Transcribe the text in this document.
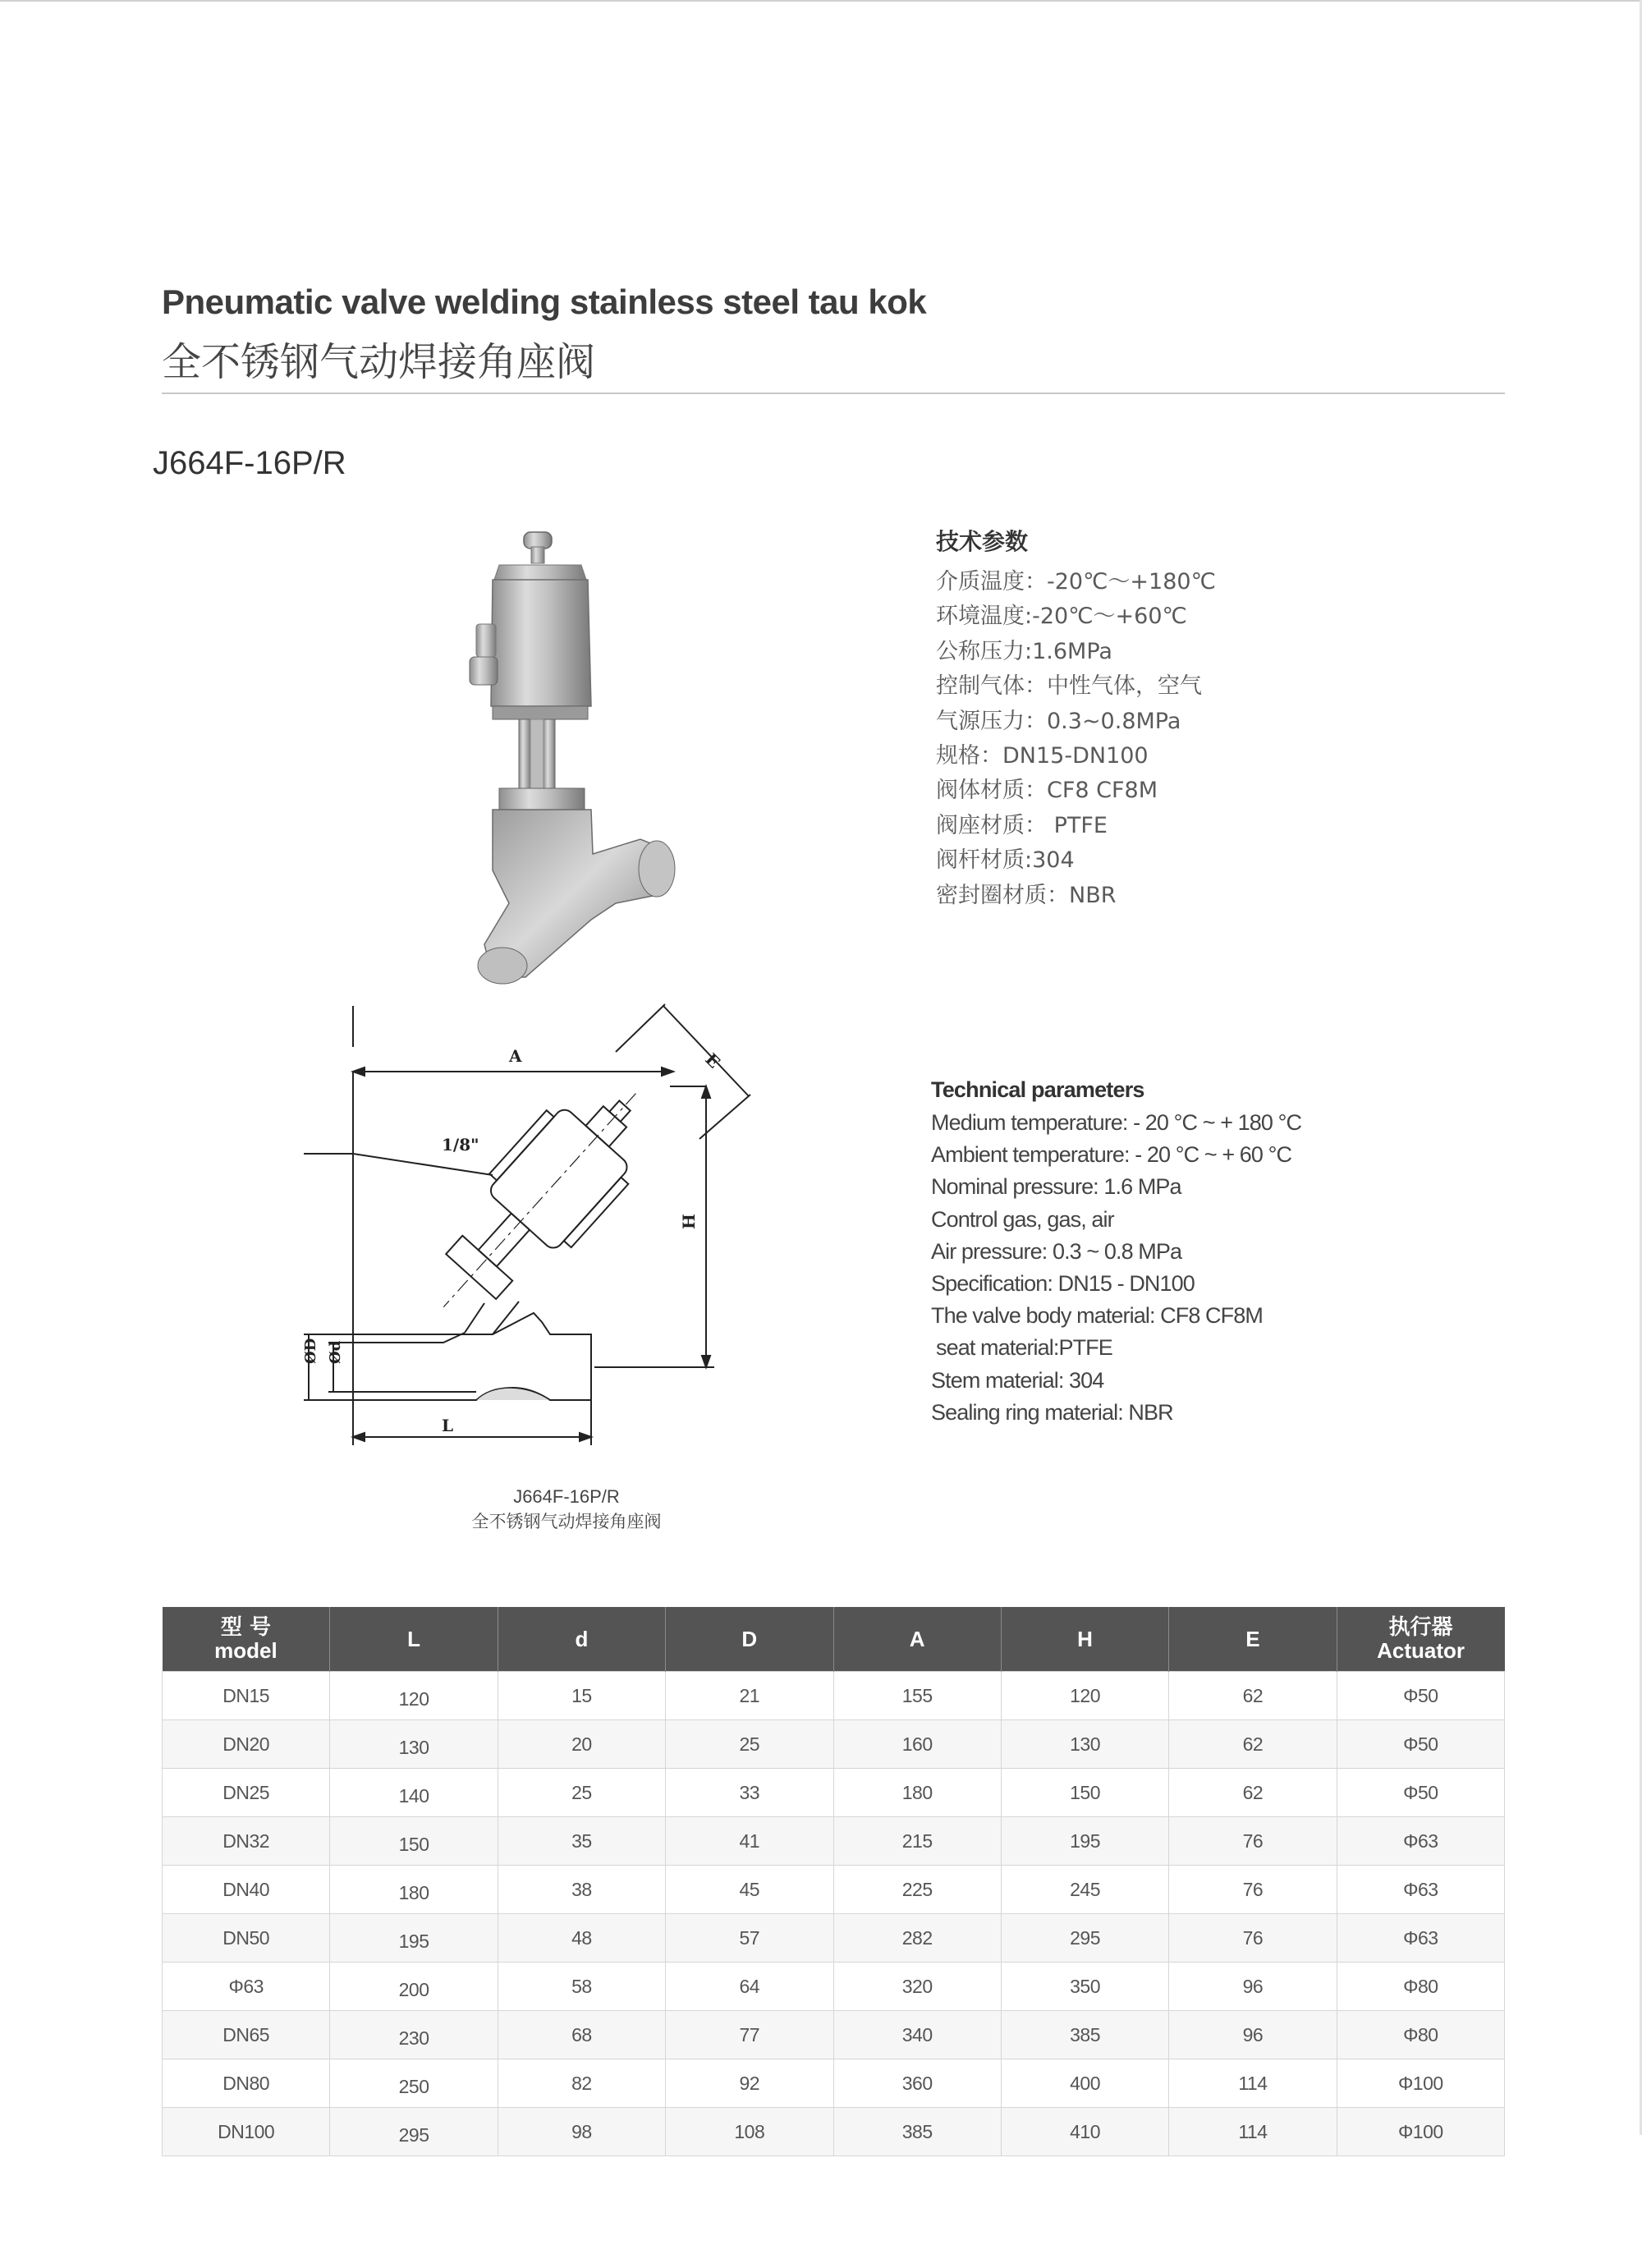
Pneumatic valve welding stainless steel tau kok
全不锈钢气动焊接角座阀
J664F-16P/R
A	E
H
L
ØD Ød
1/8"
技术参数
介质温度：-20℃～+180℃
环境温度:-20℃～+60℃
公称压力:1.6MPa
控制气体：中性气体，空气
气源压力：0.3~0.8MPa
规格：DN15-DN100
阀体材质：CF8 CF8M
阀座材质： PTFE
阀杆材质:304
密封圈材质：NBR
Technical parameters
Medium temperature: - 20 °C ~ + 180 °C
Ambient temperature: - 20 °C ~ + 60 °C
Nominal pressure: 1.6 MPa
Control gas, gas, air
Air pressure: 0.3 ~ 0.8 MPa
Specification: DN15 - DN100
The valve body material: CF8 CF8M
seat material:PTFE
Stem material: 304
Sealing ring material: NBR
J664F-16P/R
全不锈钢气动焊接角座阀
型 号
model	L	d	D	A	H	E	执行器
Actuator

DN15	120	15	21	155	120	62	Φ50
DN20	130	20	25	160	130	62	Φ50
DN25	140	25	33	180	150	62	Φ50
DN32	150	35	41	215	195	76	Φ63
DN40	180	38	45	225	245	76	Φ63
DN50	195	48	57	282	295	76	Φ63
Φ63	200	58	64	320	350	96	Φ80
DN65	230	68	77	340	385	96	Φ80
DN80	250	82	92	360	400	114	Φ100
DN100	295	98	108	385	410	114	Φ100
